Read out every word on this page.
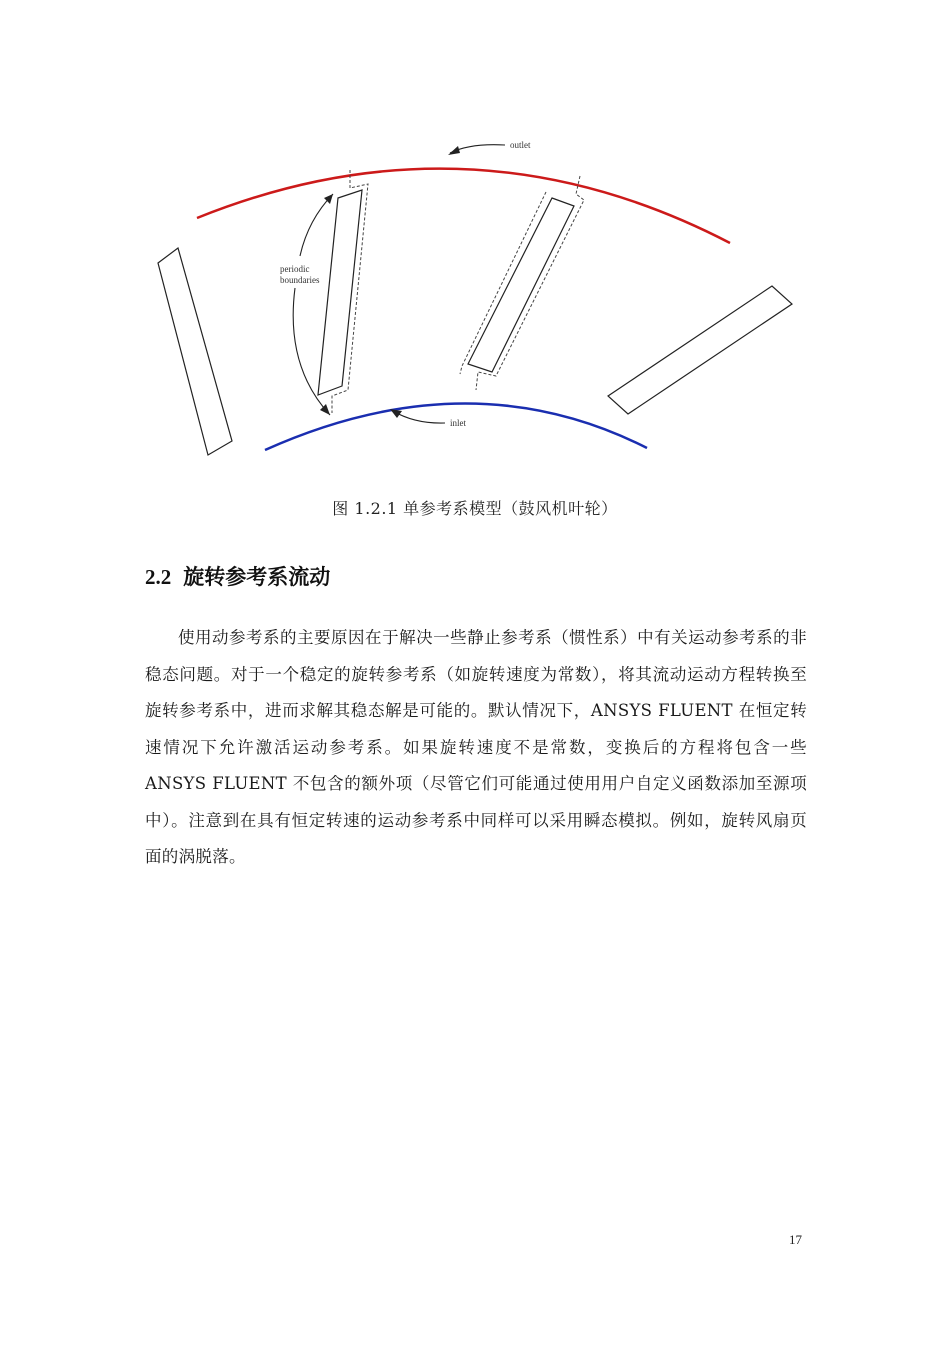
outlet
inlet
periodic
boundaries
图 1.2.1 单参考系模型（鼓风机叶轮）
2.2 旋转参考系流动
使用动参考系的主要原因在于解决一些静止参考系（惯性系）中有关运动参考系的非稳态问题。对于一个稳定的旋转参考系（如旋转速度为常数），将其流动运动方程转换至旋转参考系中，进而求解其稳态解是可能的。默认情况下，ANSYS FLUENT 在恒定转速情况下允许激活运动参考系。如果旋转速度不是常数，变换后的方程将包含一些 ANSYS FLUENT 不包含的额外项（尽管它们可能通过使用用户自定义函数添加至源项中）。注意到在具有恒定转速的运动参考系中同样可以采用瞬态模拟。例如，旋转风扇页面的涡脱落。
17
